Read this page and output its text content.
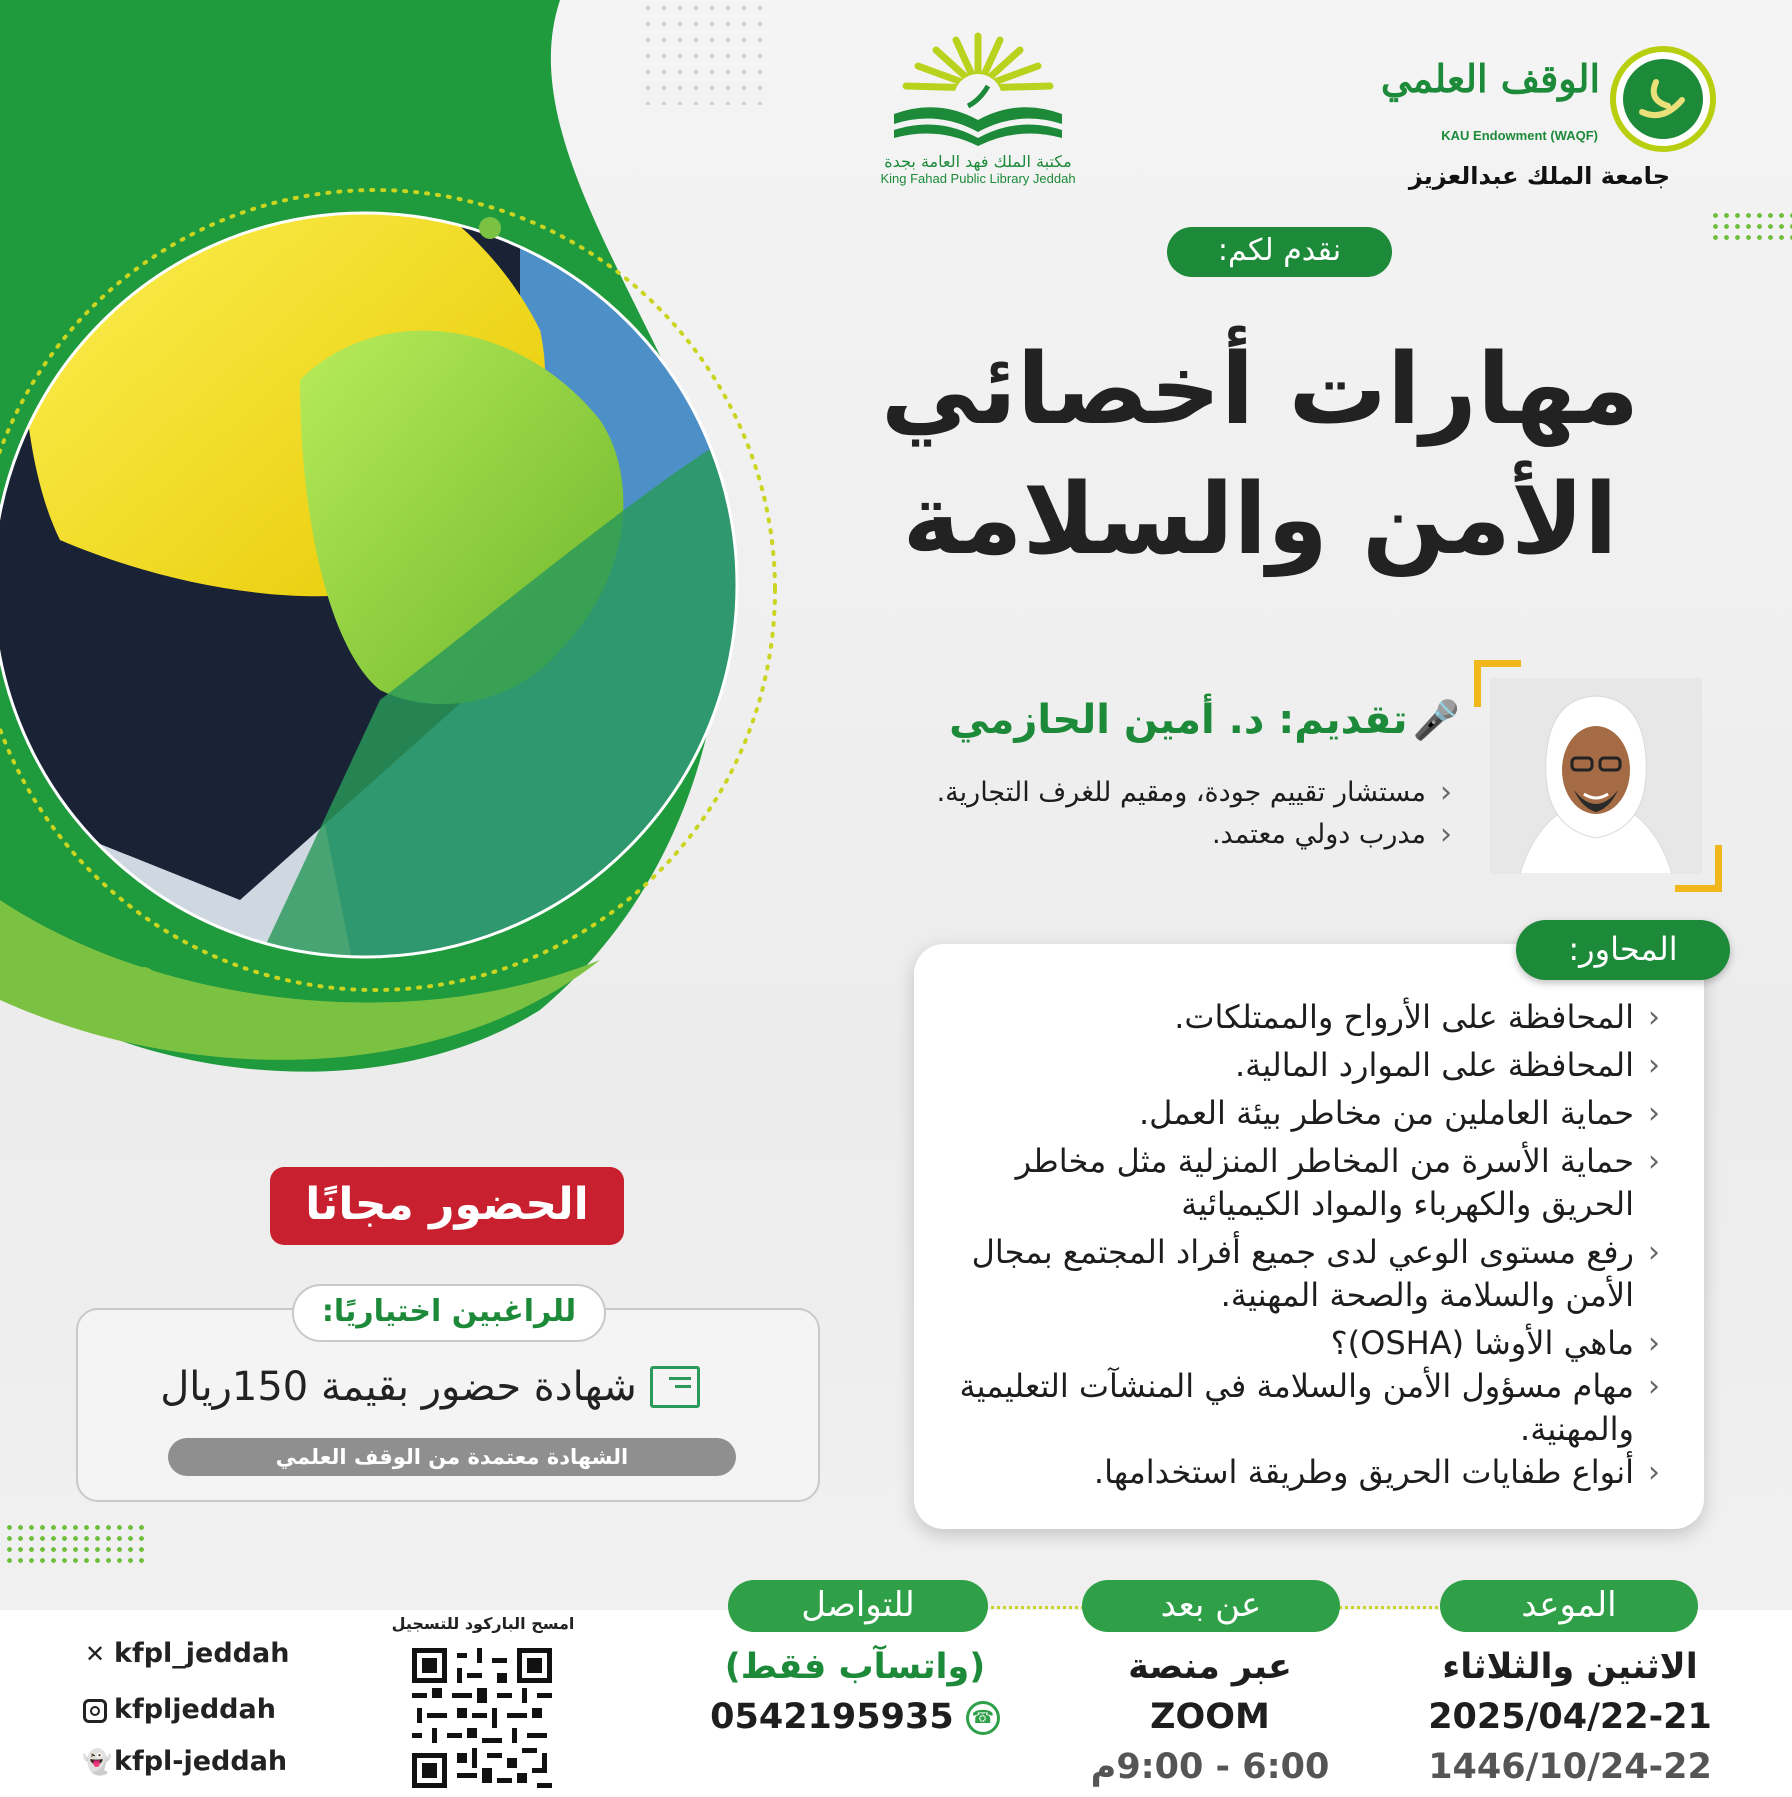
مكتبة الملك فهد العامة بجدة
King Fahad Public Library Jeddah
الوقف العلمي
KAU Endowment (WAQF)
جامعة الملك عبدالعزيز
نقدم لكم:
مهارات أخصائي
الأمن والسلامة
🎤 تقديم: د. أمين الحازمي
‹ مستشار تقييم جودة، ومقيم للغرف التجارية.
‹ مدرب دولي معتمد.
المحاور:
‹ المحافظة على الأرواح والممتلكات.
‹ المحافظة على الموارد المالية.
‹ حماية العاملين من مخاطر بيئة العمل.
‹ حماية الأسرة من المخاطر المنزلية مثل مخاطر الحريق والكهرباء والمواد الكيميائية
‹ رفع مستوى الوعي لدى جميع أفراد المجتمع بمجال الأمن والسلامة والصحة المهنية.
‹ ماهي الأوشا (OSHA)؟
‹ مهام مسؤول الأمن والسلامة في المنشآت التعليمية والمهنية.
‹ أنواع طفايات الحريق وطريقة استخدامها.
الحضور مجانًا
للراغبين اختياريًا:
شهادة حضور بقيمة 150ريال
الشهادة معتمدة من الوقف العلمي
الموعد
الاثنين والثلاثاء
2025/04/22-21
1446/10/24-22
عن بعد
عبر منصة
ZOOM
6:00 - 9:00م
للتواصل
(واتسآب فقط)
0542195935 ☎
امسح الباركود للتسجيل
✕ kfpl_jeddah
kfpljeddah
👻kfpl-jeddah
